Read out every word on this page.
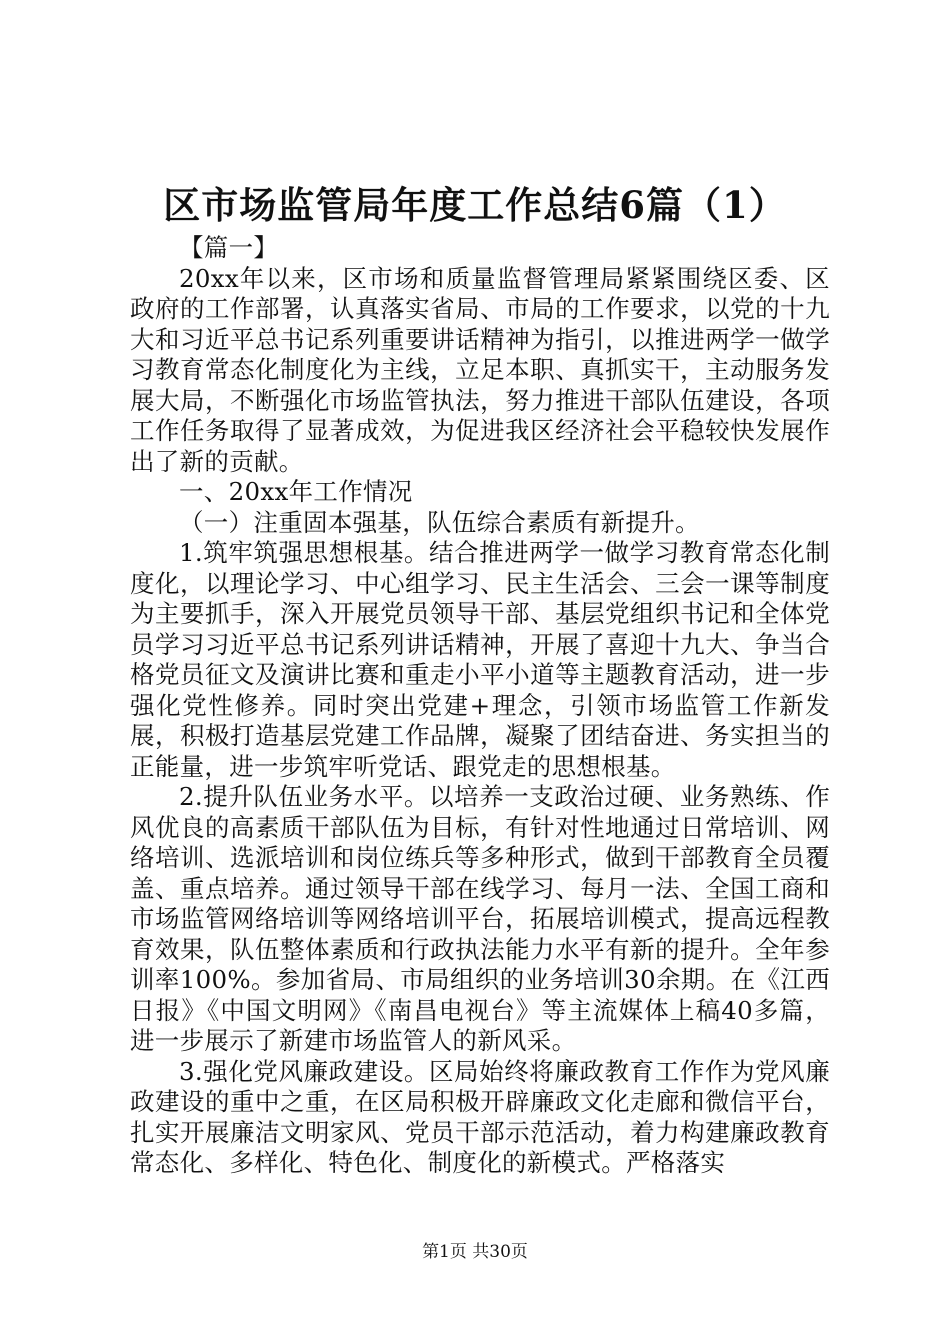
区市场监管局年度工作总结6篇（1）

【篇一】

20xx年以来，区市场和质量监督管理局紧紧围绕区委、区政府的工作部署，认真落实省局、市局的工作要求，以党的十九大和习近平总书记系列重要讲话精神为指引，以推进两学一做学习教育常态化制度化为主线，立足本职、真抓实干，主动服务发展大局，不断强化市场监管执法，努力推进干部队伍建设，各项工作任务取得了显著成效，为促进我区经济社会平稳较快发展作出了新的贡献。

一、20xx年工作情况

（一）注重固本强基，队伍综合素质有新提升。

1.筑牢筑强思想根基。结合推进两学一做学习教育常态化制度化，以理论学习、中心组学习、民主生活会、三会一课等制度为主要抓手，深入开展党员领导干部、基层党组织书记和全体党员学习习近平总书记系列讲话精神，开展了喜迎十九大、争当合格党员征文及演讲比赛和重走小平小道等主题教育活动，进一步强化党性修养。同时突出党建+理念，引领市场监管工作新发展，积极打造基层党建工作品牌，凝聚了团结奋进、务实担当的正能量，进一步筑牢听党话、跟党走的思想根基。

2.提升队伍业务水平。以培养一支政治过硬、业务熟练、作风优良的高素质干部队伍为目标，有针对性地通过日常培训、网络培训、选派培训和岗位练兵等多种形式，做到干部教育全员覆盖、重点培养。通过领导干部在线学习、每月一法、全国工商和市场监管网络培训等网络培训平台，拓展培训模式，提高远程教育效果，队伍整体素质和行政执法能力水平有新的提升。全年参训率100%。参加省局、市局组织的业务培训30余期。在《江西日报》《中国文明网》《南昌电视台》等主流媒体上稿40多篇，进一步展示了新建市场监管人的新风采。

3.强化党风廉政建设。区局始终将廉政教育工作作为党风廉政建设的重中之重，在区局积极开辟廉政文化走廊和微信平台，扎实开展廉洁文明家风、党员干部示范活动，着力构建廉政教育常态化、多样化、特色化、制度化的新模式。严格落实

第1页 共30页
